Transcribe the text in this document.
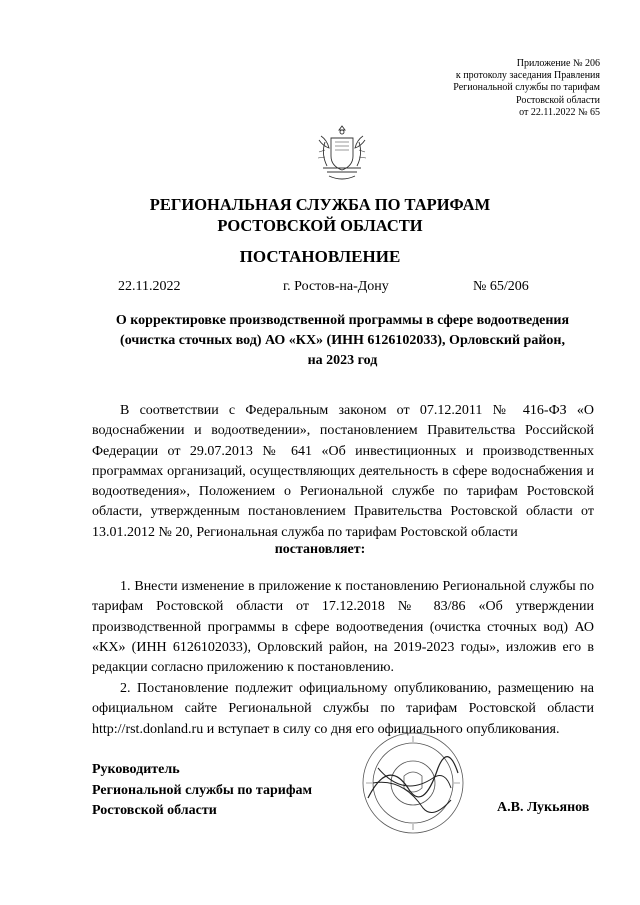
Приложение № 206
к протоколу заседания Правления
Региональной службы по тарифам
Ростовской области
от 22.11.2022 № 65
РЕГИОНАЛЬНАЯ СЛУЖБА ПО ТАРИФАМ
РОСТОВСКОЙ ОБЛАСТИ
ПОСТАНОВЛЕНИЕ
22.11.2022	г. Ростов-на-Дону	№ 65/206
О корректировке производственной программы в сфере водоотведения
(очистка сточных вод) АО «КХ» (ИНН 6126102033), Орловский район,
на 2023 год
В соответствии с Федеральным законом от 07.12.2011 № 416-ФЗ «О водоснабжении и водоотведении», постановлением Правительства Российской Федерации от 29.07.2013 № 641 «Об инвестиционных и производственных программах организаций, осуществляющих деятельность в сфере водоснабжения и водоотведения», Положением о Региональной службе по тарифам Ростовской области, утвержденным постановлением Правительства Ростовской области от 13.01.2012 № 20, Региональная служба по тарифам Ростовской области
постановляет:
1. Внести изменение в приложение к постановлению Региональной службы по тарифам Ростовской области от 17.12.2018 № 83/86 «Об утверждении производственной программы в сфере водоотведения (очистка сточных вод) АО «КХ» (ИНН 6126102033), Орловский район, на 2019-2023 годы», изложив его в редакции согласно приложению к постановлению.
2. Постановление подлежит официальному опубликованию, размещению на официальном сайте Региональной службы по тарифам Ростовской области http://rst.donland.ru и вступает в силу со дня его официального опубликования.
Руководитель
Региональной службы по тарифам
Ростовской области	А.В. Лукьянов
